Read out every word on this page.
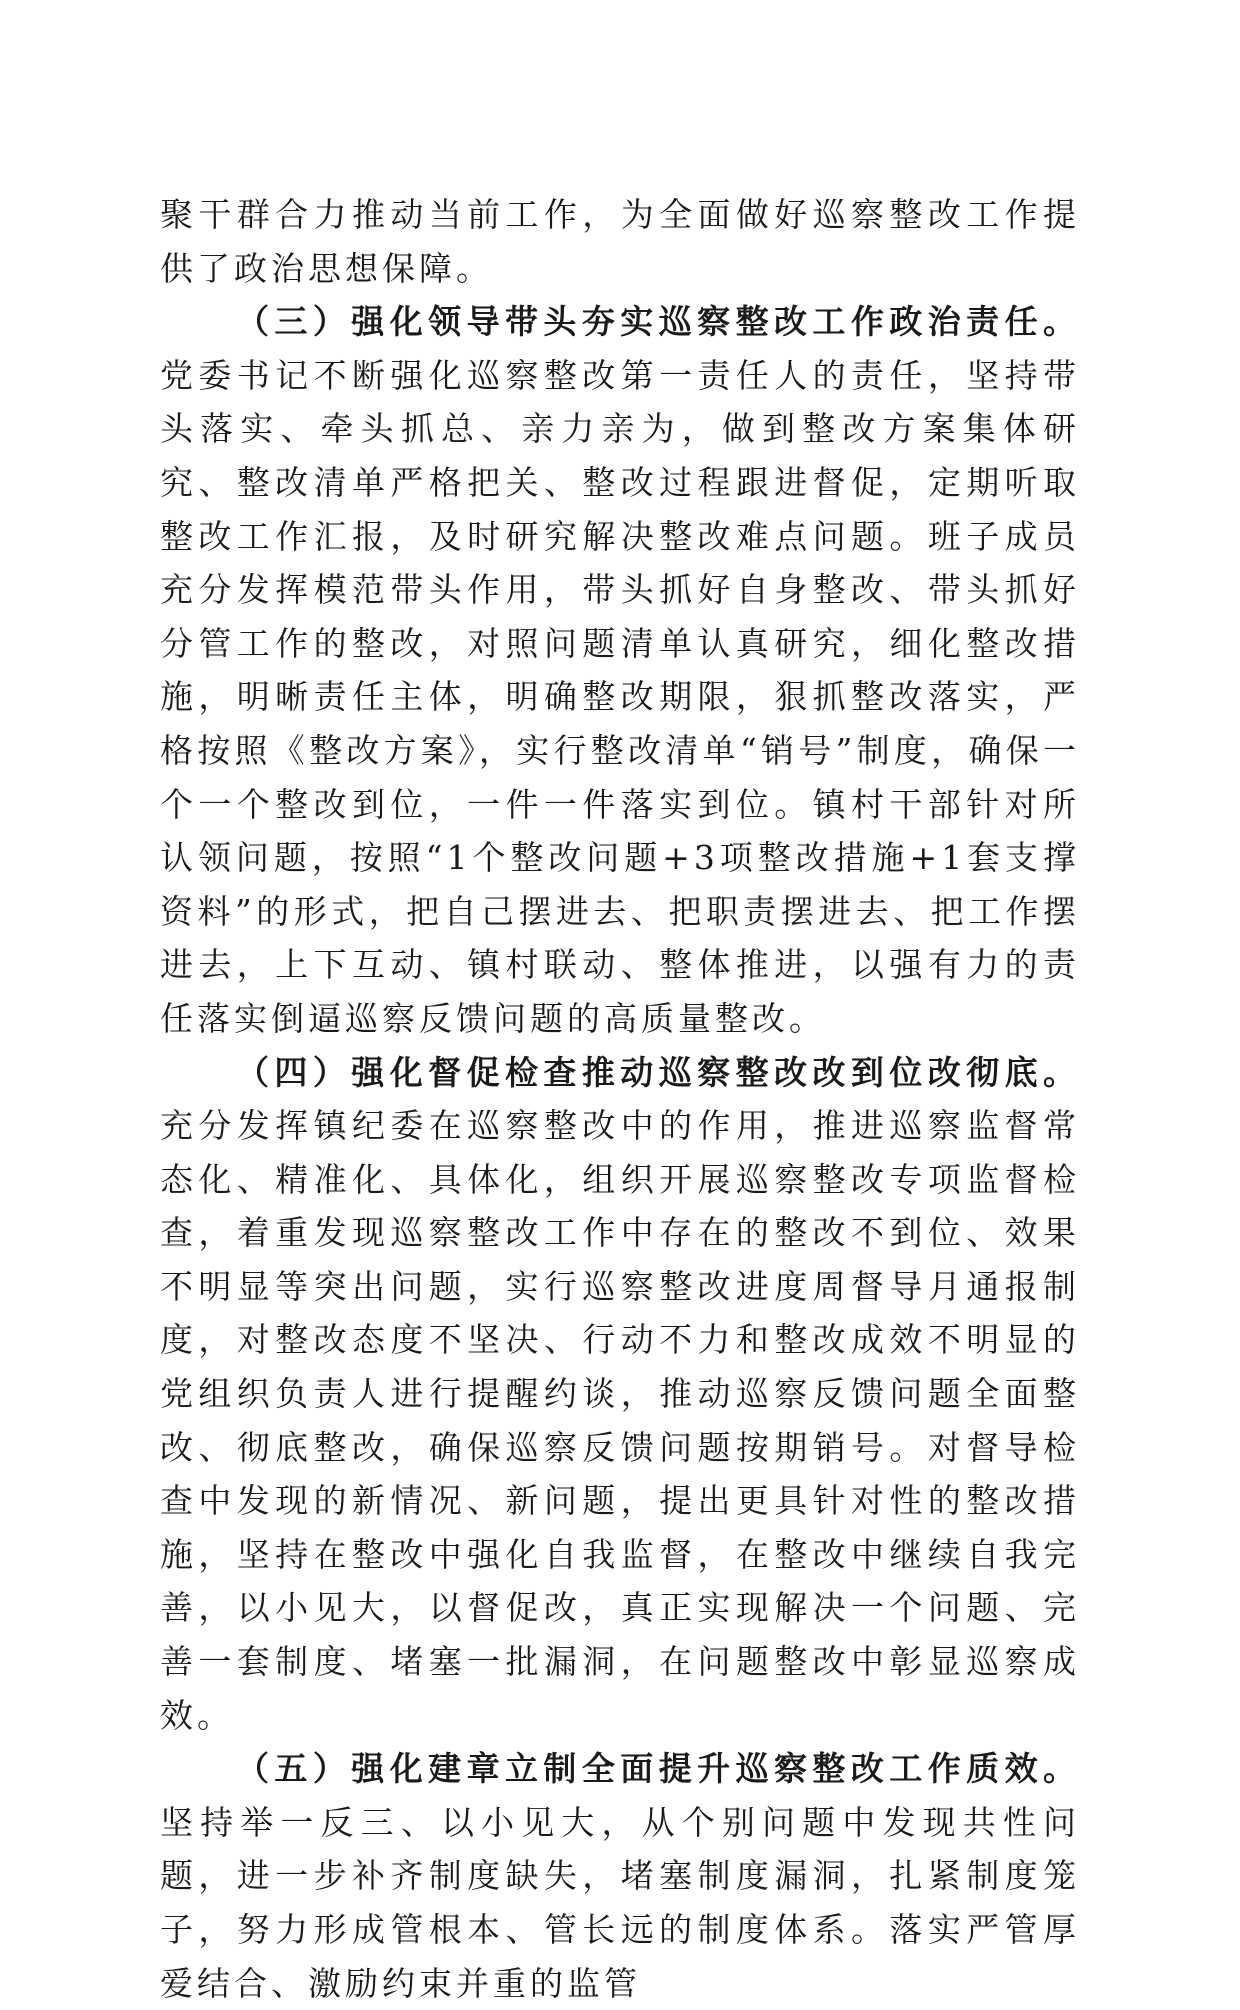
聚干群合力推动当前工作，为全面做好巡察整改工作提供了政治思想保障。

（三）强化领导带头夯实巡察整改工作政治责任。党委书记不断强化巡察整改第一责任人的责任，坚持带头落实、牵头抓总、亲力亲为，做到整改方案集体研究、整改清单严格把关、整改过程跟进督促，定期听取整改工作汇报，及时研究解决整改难点问题。班子成员充分发挥模范带头作用，带头抓好自身整改、带头抓好分管工作的整改，对照问题清单认真研究，细化整改措施，明晰责任主体，明确整改期限，狠抓整改落实，严格按照《整改方案》，实行整改清单“销号”制度，确保一个一个整改到位，一件一件落实到位。镇村干部针对所认领问题，按照“1个整改问题+3项整改措施+1套支撑资料”的形式，把自己摆进去、把职责摆进去、把工作摆进去，上下互动、镇村联动、整体推进，以强有力的责任落实倒逼巡察反馈问题的高质量整改。

（四）强化督促检查推动巡察整改改到位改彻底。充分发挥镇纪委在巡察整改中的作用，推进巡察监督常态化、精准化、具体化，组织开展巡察整改专项监督检查，着重发现巡察整改工作中存在的整改不到位、效果不明显等突出问题，实行巡察整改进度周督导月通报制度，对整改态度不坚决、行动不力和整改成效不明显的党组织负责人进行提醒约谈，推动巡察反馈问题全面整改、彻底整改，确保巡察反馈问题按期销号。对督导检查中发现的新情况、新问题，提出更具针对性的整改措施，坚持在整改中强化自我监督，在整改中继续自我完善，以小见大，以督促改，真正实现解决一个问题、完善一套制度、堵塞一批漏洞，在问题整改中彰显巡察成效。

（五）强化建章立制全面提升巡察整改工作质效。坚持举一反三、以小见大，从个别问题中发现共性问题，进一步补齐制度缺失，堵塞制度漏洞，扎紧制度笼子，努力形成管根本、管长远的制度体系。落实严管厚爱结合、激励约束并重的监管
